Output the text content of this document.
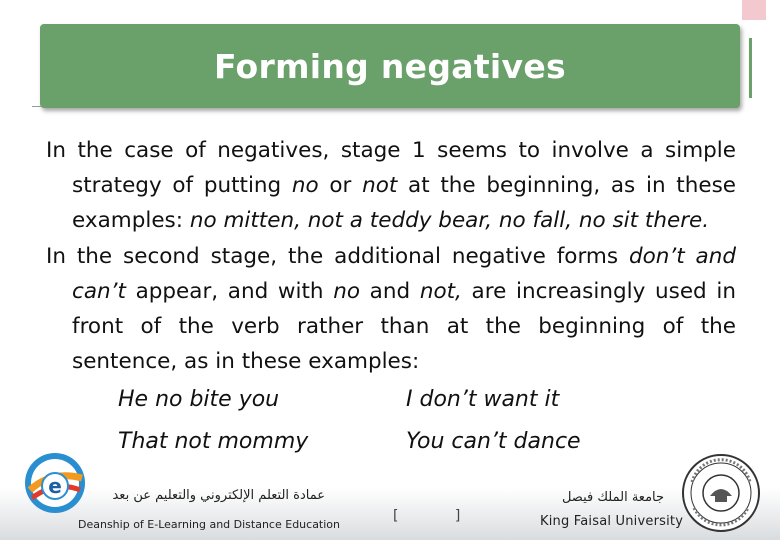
Forming negatives

In the case of negatives, stage 1 seems to involve a simple strategy of putting no or not at the beginning, as in these examples: no mitten, not a teddy bear, no fall, no sit there.

In the second stage, the additional negative forms don’t and can’t appear, and with no and not, are increasingly used in front of the verb rather than at the beginning of the sentence, as in these examples:

He no bite you	I don’t want it
That not mommy	You can’t dance
e	عمادة التعلم الإلكتروني والتعليم عن بعد
Deanship of E-Learning and Distance Education
[ ]
جامعة الملك فيصل
King Faisal University
